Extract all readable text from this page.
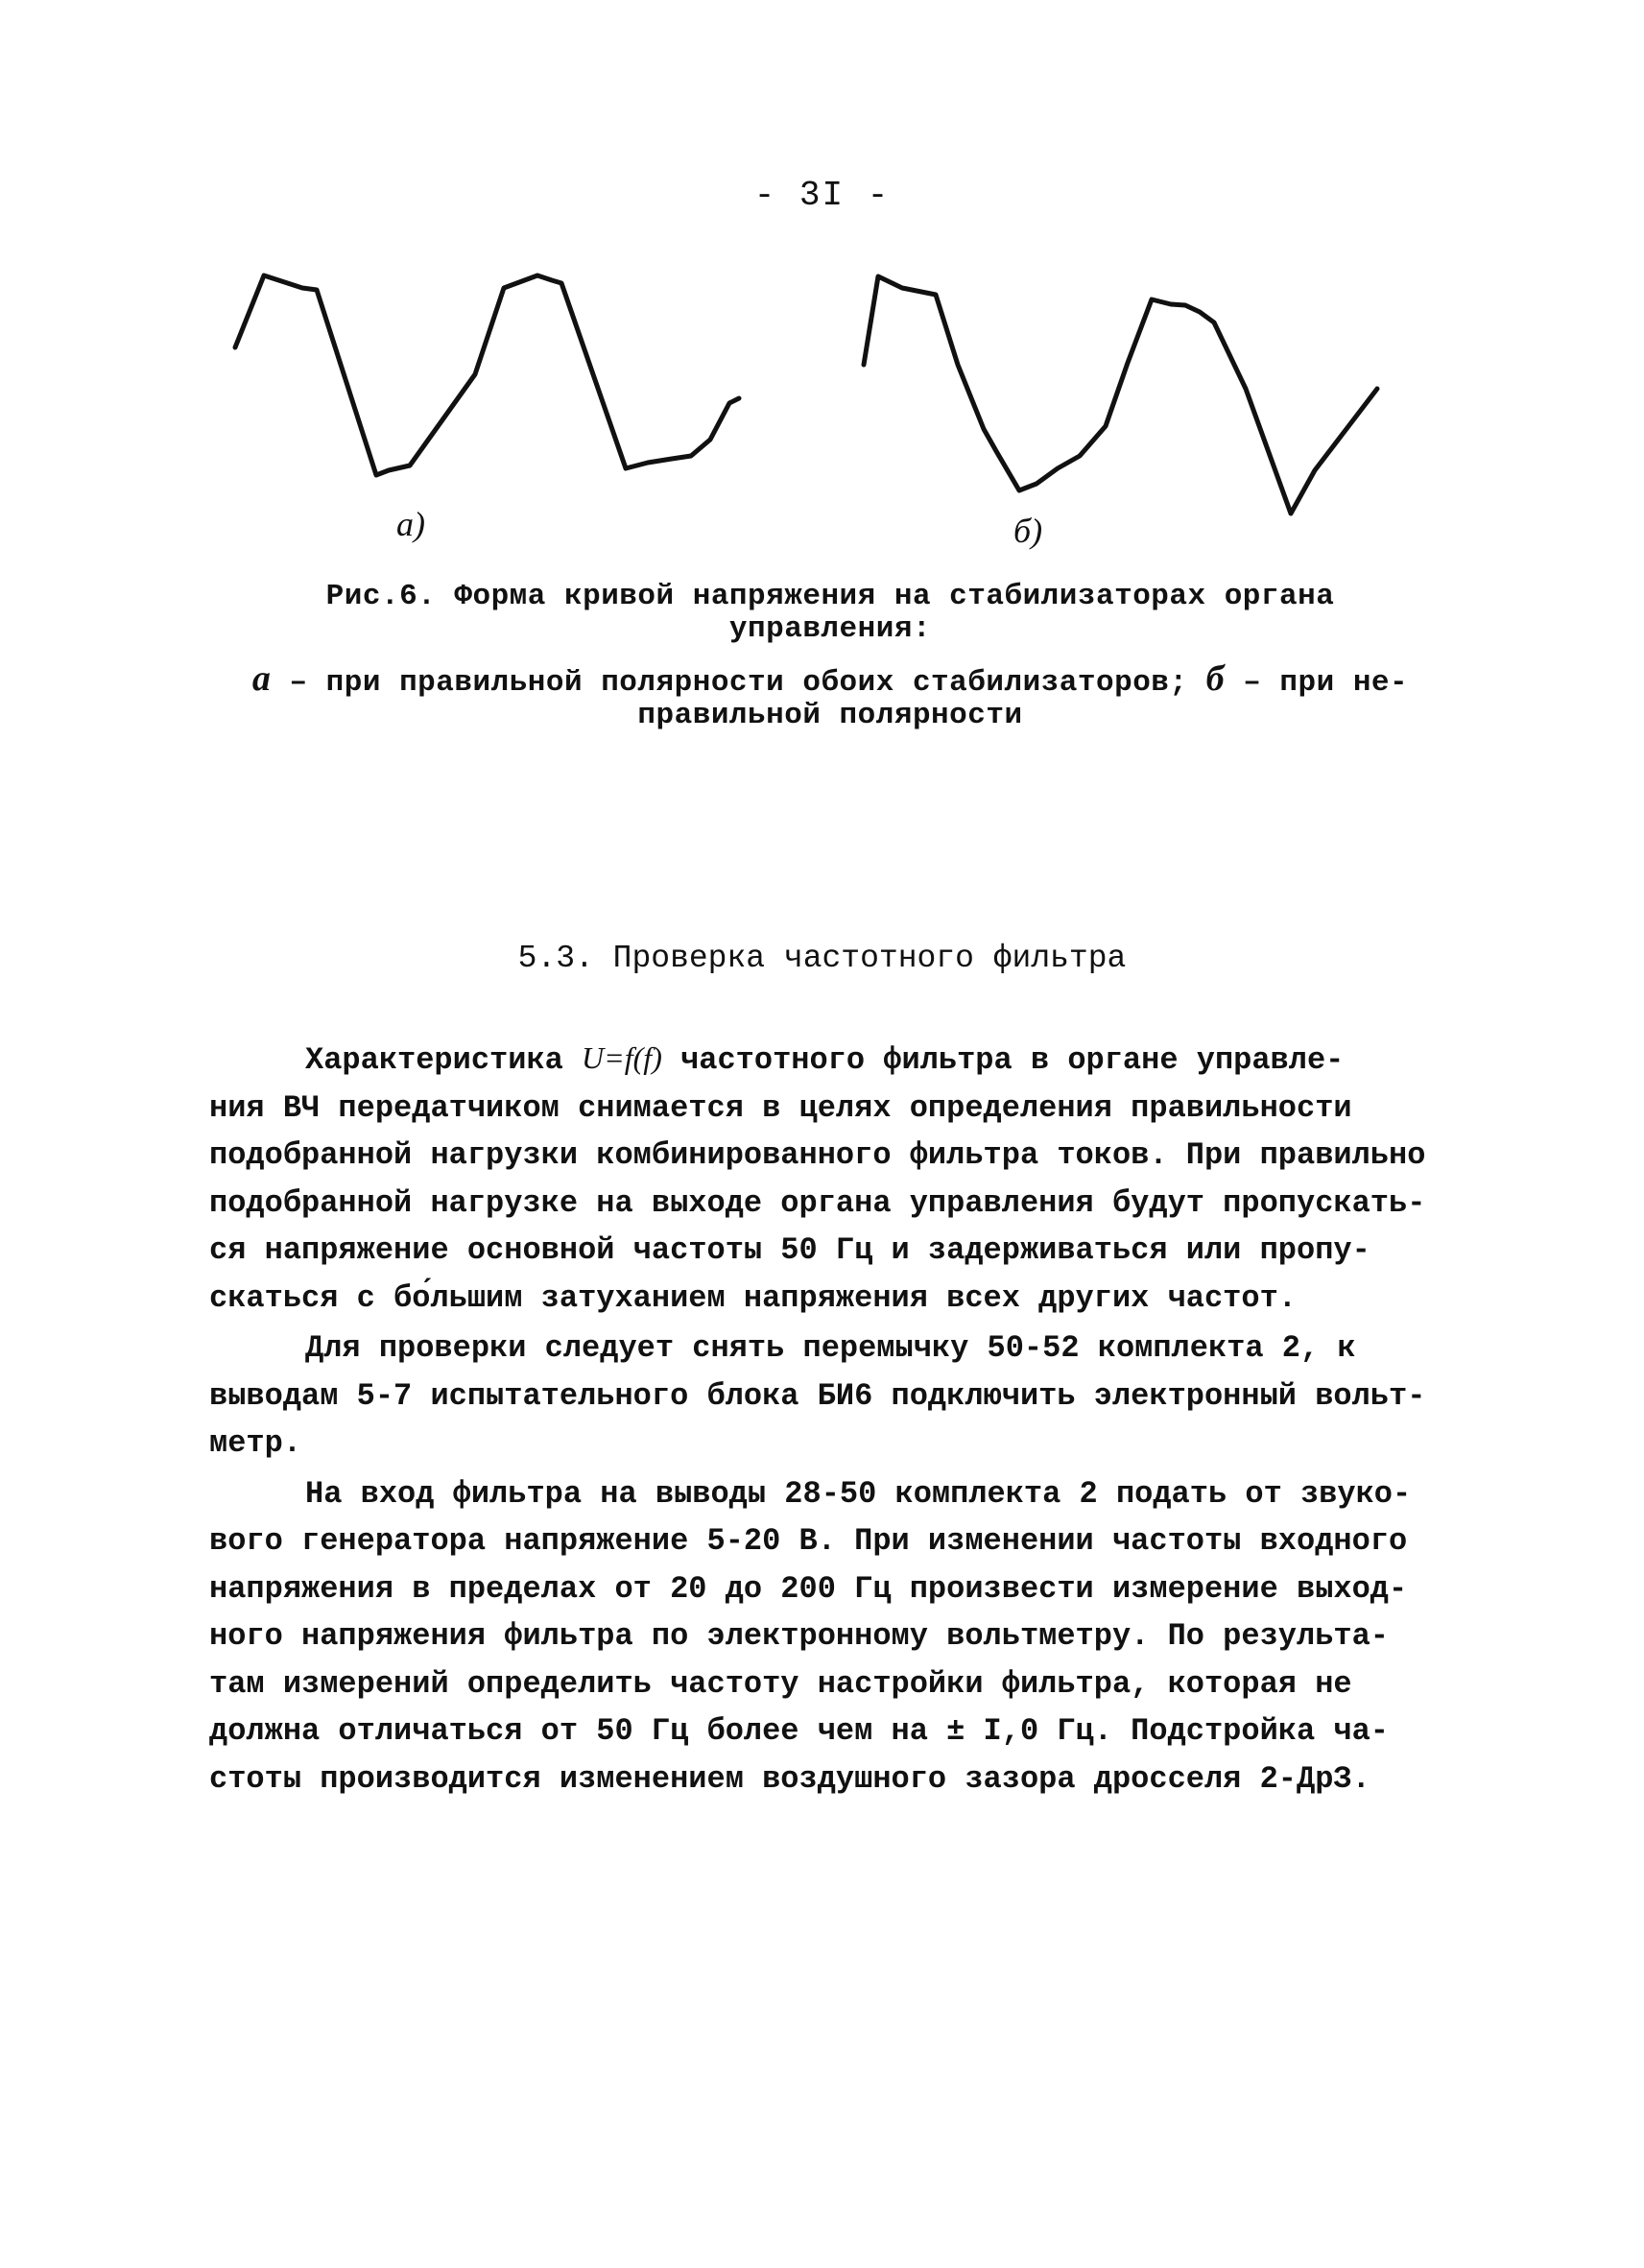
- 3I -
а)	б)
Рис.6. Форма кривой напряжения на стабилизаторах органа
управления:
а – при правильной полярности обоих стабилизаторов; б – при не-
правильной полярности
5.3. Проверка частотного фильтра
Характеристика U=f(f) частотного фильтра в органе управле-
ния ВЧ передатчиком снимается в целях определения правильности
подобранной нагрузки комбинированного фильтра токов. При правильно
подобранной нагрузке на выходе органа управления будут пропускать-
ся напряжение основной частоты 50 Гц и задерживаться или пропу-
скаться с бо́льшим затуханием напряжения всех других частот.
Для проверки следует снять перемычку 50-52 комплекта 2, к
выводам 5-7 испытательного блока БИ6 подключить электронный вольт-
метр.
На вход фильтра на выводы 28-50 комплекта 2 подать от звуко-
вого генератора напряжение 5-20 В. При изменении частоты входного
напряжения в пределах от 20 до 200 Гц произвести измерение выход-
ного напряжения фильтра по электронному вольтметру. По результа-
там измерений определить частоту настройки фильтра, которая не
должна отличаться от 50 Гц более чем на ± I,0 Гц. Подстройка ча-
стоты производится изменением воздушного зазора дросселя 2-ДрЗ.
